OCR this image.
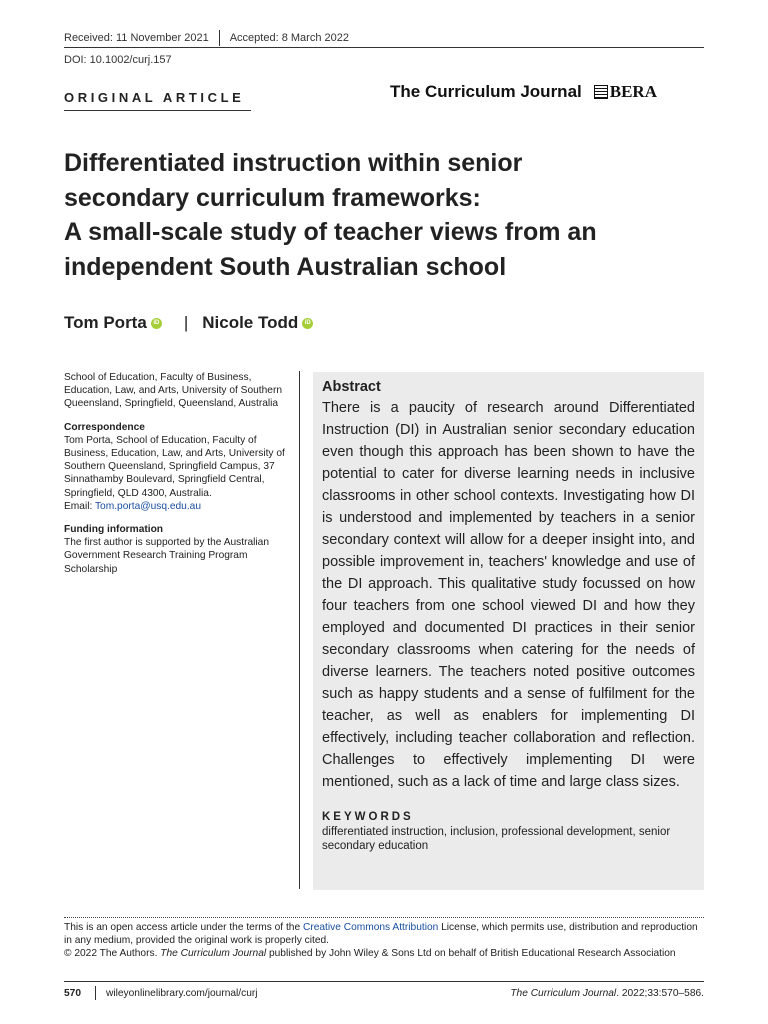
Received: 11 November 2021 Accepted: 8 March 2022
DOI: 10.1002/curj.157
ORIGINAL ARTICLE	The Curriculum Journal BERA
Differentiated instruction within senior
secondary curriculum frameworks:
A small-scale study of teacher views from an
independent South Australian school
Tom Porta	iD | Nicole Todd	iD

School of Education, Faculty of Business, Education, Law, and Arts, University of Southern Queensland, Springfield, Queensland, Australia

Correspondence
Tom Porta, School of Education, Faculty of Business, Education, Law, and Arts, University of Southern Queensland, Springfield Campus, 37 Sinnathamby Boulevard, Springfield Central, Springfield, QLD 4300, Australia.
Email: Tom.porta@usq.edu.au

Funding information
The first author is supported by the Australian Government Research Training Program Scholarship

Abstract

There is a paucity of research around Differentiated Instruction (DI) in Australian senior secondary education even though this approach has been shown to have the potential to cater for diverse learning needs in inclusive classrooms in other school contexts. Investigating how DI is understood and implemented by teachers in a senior secondary context will allow for a deeper insight into, and possible improvement in, teachers' knowledge and use of the DI approach. This qualitative study focussed on how four teachers from one school viewed DI and how they employed and documented DI practices in their senior secondary classrooms when catering for the needs of diverse learners. The teachers noted positive outcomes such as happy students and a sense of fulfilment for the teacher, as well as enablers for implementing DI effectively, including teacher collaboration and reflection. Challenges to effectively implementing DI were mentioned, such as a lack of time and large class sizes.

KEYWORDS

differentiated instruction, inclusion, professional development, senior secondary education

This is an open access article under the terms of the Creative Commons Attribution License, which permits use, distribution and reproduction in any medium, provided the original work is properly cited.

© 2022 The Authors. The Curriculum Journal published by John Wiley & Sons Ltd on behalf of British Educational Research Association

570 wileyonlinelibrary.com/journal/curj	The Curriculum Journal. 2022;33:570–586.
